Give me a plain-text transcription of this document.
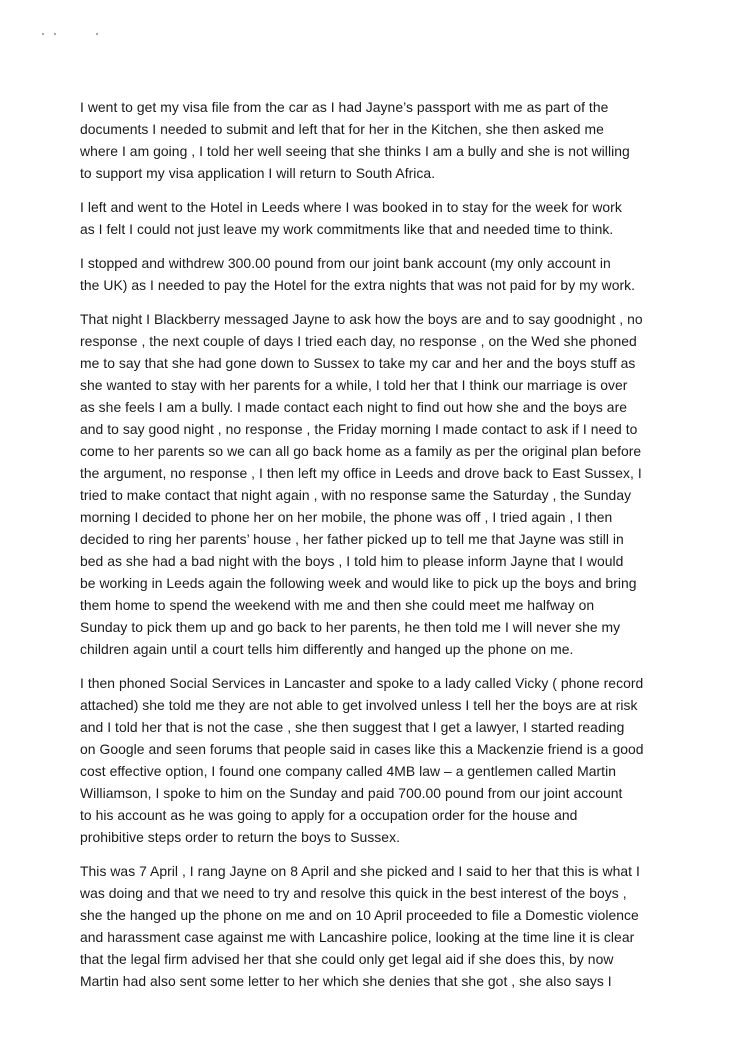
I went to get my visa file from the car as I had Jayne’s passport with me as part of the
documents I needed to submit and left that for her in the Kitchen, she then asked me
where I am going , I told her well seeing that she thinks I am a bully and she is not willing
to support my visa application I will return to South Africa.

I left and went to the Hotel in Leeds where I was booked in to stay for the week for work
as I felt I could not just leave my work commitments like that and needed time to think.

I stopped and withdrew 300.00 pound from our joint bank account (my only account in
the UK) as I needed to pay the Hotel for the extra nights that was not paid for by my work.

That night I Blackberry messaged Jayne to ask how the boys are and to say goodnight , no
response , the next couple of days I tried each day, no response , on the Wed she phoned
me to say that she had gone down to Sussex to take my car and her and the boys stuff as
she wanted to stay with her parents for a while, I told her that I think our marriage is over
as she feels I am a bully. I made contact each night to find out how she and the boys are
and to say good night , no response , the Friday morning I made contact to ask if I need to
come to her parents so we can all go back home as a family as per the original plan before
the argument, no response , I then left my office in Leeds and drove back to East Sussex, I
tried to make contact that night again , with no response same the Saturday , the Sunday
morning I decided to phone her on her mobile, the phone was off , I tried again , I then
decided to ring her parents’ house , her father picked up to tell me that Jayne was still in
bed as she had a bad night with the boys , I told him to please inform Jayne that I would
be working in Leeds again the following week and would like to pick up the boys and bring
them home to spend the weekend with me and then she could meet me halfway on
Sunday to pick them up and go back to her parents, he then told me I will never she my
children again until a court tells him differently and hanged up the phone on me.

I then phoned Social Services in Lancaster and spoke to a lady called Vicky ( phone record
attached) she told me they are not able to get involved unless I tell her the boys are at risk
and I told her that is not the case , she then suggest that I get a lawyer, I started reading
on Google and seen forums that people said in cases like this a Mackenzie friend is a good
cost effective option, I found one company called 4MB law – a gentlemen called Martin
Williamson, I spoke to him on the Sunday and paid 700.00 pound from our joint account
to his account as he was going to apply for a occupation order for the house and
prohibitive steps order to return the boys to Sussex.

This was 7 April , I rang Jayne on 8 April and she picked and I said to her that this is what I
was doing and that we need to try and resolve this quick in the best interest of the boys ,
she the hanged up the phone on me and on 10 April proceeded to file a Domestic violence
and harassment case against me with Lancashire police, looking at the time line it is clear
that the legal firm advised her that she could only get legal aid if she does this, by now
Martin had also sent some letter to her which she denies that she got , she also says I
